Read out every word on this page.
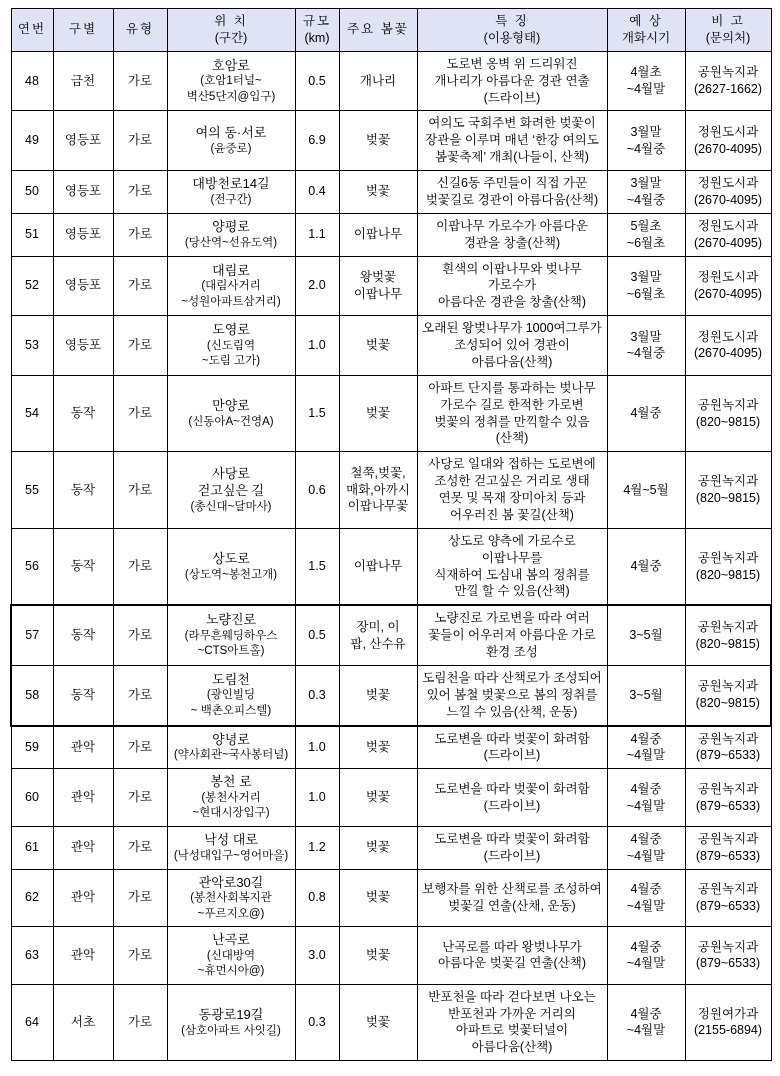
연번	구별	유형	위 치
(구간)	규모
(km)	주요 봄꽃	특 징
(이용형태)	예 상
개화시기	비 고
(문의처)

48	금천	가로	호암로
(호암1터널~
벽산5단지@입구)	0.5	개나리	도로변 옹벽 위 드리워진
개나리가 아름다운 경관 연출
(드라이브)	4월초
~4월말	공원녹지과
(2627-1662)

49	영등포	가로	여의 동·서로
(윤중로)	6.9	벚꽃	여의도 국회주변 화려한 벚꽃이
장관을 이루며 매년 ‘한강 여의도
봄꽃축제’ 개최(나들이, 산책)	3월말
~4월중	정원도시과
(2670-4095)

50	영등포	가로	대방천로14길
(전구간)	0.4	벚꽃	신길6동 주민들이 직접 가꾼
벚꽃길로 경관이 아름다움(산책)	3월말
~4월중	정원도시과
(2670-4095)

51	영등포	가로	양평로
(당산역~선유도역)	1.1	이팝나무	이팝나무 가로수가 아름다운
경관을 창출(산책)	5월초
~6월초	정원도시과
(2670-4095)

52	영등포	가로	대림로
(대림사거리
~성원아파트삼거리)	2.0	왕벚꽃
이팝나무	흰색의 이팝나무와 벚나무 가로수가
아름다운 경관을 창출(산책)	3월말
~6월초	정원도시과
(2670-4095)

53	영등포	가로	도영로
(신도림역
~도림 고가)	1.0	벚꽃	오래된 왕벚나무가 1000여그루가
조성되어 있어 경관이
아름다움(산책)	3월말
~4월중	정원도시과
(2670-4095)

54	동작	가로	만양로
(신동아A~건영A)	1.5	벚꽃	아파트 단지를 통과하는 벚나무
가로수 길로 한적한 가로변
벚꽃의 정취를 만끽할수 있음(산책)	4월중	공원녹지과
(820~9815)

55	동작	가로	사당로
걷고싶은 길
(총신대~달마사)	0.6	철쭉,벚꽃,
매화,아까시
이팝나무꽃	사당로 일대와 접하는 도로변에
조성한 걷고싶은 거리로 생태
연못 및 목재 장미아치 등과
어우러진 봄 꽃길(산책)	4월~5월	공원녹지과
(820~9815)

56	동작	가로	상도로
(상도역~봉천고개)	1.5	이팝나무	상도로 양측에 가로수로 이팝나무를
식재하여 도심내 봄의 정취를
만낄 할 수 있음(산책)	4월중	공원녹지과
(820~9815)

57	동작	가로	노량진로
(라무흔웨딩하우스
~CTS아트홀)	0.5	장미, 이
팝, 산수유	노량진로 가로변을 따라 여러
꽃들이 어우러져 아름다운 가로
환경 조성	3~5월	공원녹지과
(820~9815)

58	동작	가로	도림천
(광인빌딩
~ 백촌오피스텔)	0.3	벚꽃	도림천을 따라 산책로가 조성되어
있어 봄철 벚꽃으로 봄의 정취를
느낄 수 있음(산책, 운동)	3~5월	공원녹지과
(820~9815)

59	관악	가로	양녕로
(약사회관~국사봉터널)	1.0	벚꽃	도로변을 따라 벚꽃이 화려함
(드라이브)	4월중
~4월말	공원녹지과
(879~6533)

60	관악	가로	봉천 로
(봉천사거리
~현대시장입구)	1.0	벚꽃	도로변을 따라 벚꽃이 화려함
(드라이브)	4월중
~4월말	공원녹지과
(879~6533)

61	관악	가로	낙성 대로
(낙성대입구~영어마을)	1.2	벚꽃	도로변을 따라 벚꽃이 화려함
(드라이브)	4월중
~4월말	공원녹지과
(879~6533)

62	관악	가로	관악로30길
(봉천사회복지관
~푸르지오@)	0.8	벚꽃	보행자를 위한 산책로를 조성하여
벚꽃길 연출(산채, 운동)	4월중
~4월말	공원녹지과
(879~6533)

63	관악	가로	난곡로
(신대방역
~휴먼시아@)	3.0	벚꽃	난곡로를 따라 왕벚나무가
아름다운 벚꽃길 연출(산책)	4월중
~4월말	공원녹지과
(879~6533)

64	서초	가로	동광로19길
(삼호아파트 사잇길)	0.3	벚꽃	반포천을 따라 걷다보면 나오는
반포천과 가까운 거리의
아파트로 벚꽃터널이
아름다움(산책)	4월중
~4월말	정원여가과
(2155-6894)
